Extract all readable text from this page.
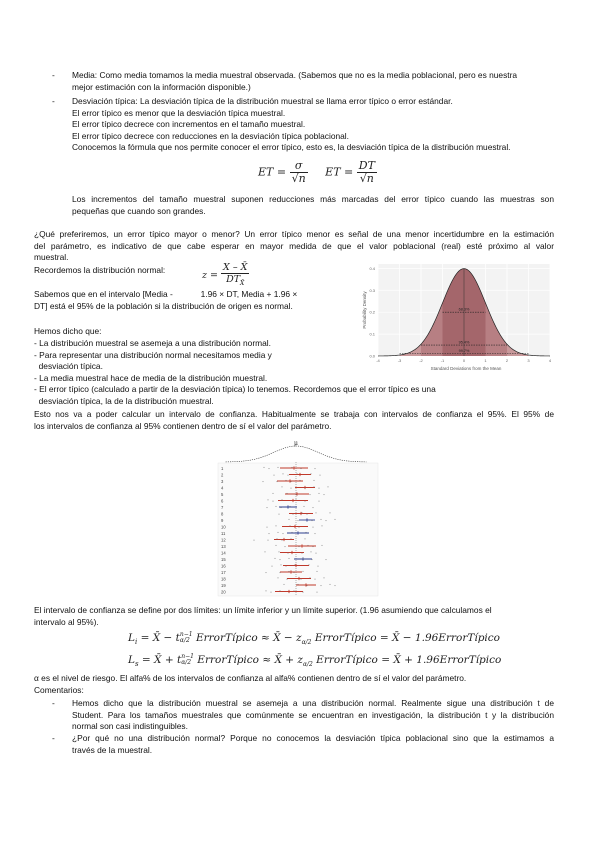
- Media: Como media tomamos la media muestral observada. (Sabemos que no es la media poblacional, pero es nuestra
mejor estimación con la información disponible.)
- Desviación típica: La desviación típica de la distribución muestral se llama error típico o error estándar.
El error típico es menor que la desviación típica muestral.
El error típico decrece con incrementos en el tamaño muestral.
El error típico decrece con reducciones en la desviación típica poblacional.
Conocemos la fórmula que nos permite conocer el error típico, esto es, la desviación típica de la distribución muestral.
ET = $\frac{\sigma}{√n}$ ET = $\frac{DT}{√n}$
Los incrementos del tamaño muestral suponen reducciones más marcadas del error típico cuando las muestras son
pequeñas que cuando son grandes.
¿Qué preferiremos, un error típico mayor o menor? Un error típico menor es señal de una menor incertidumbre en la estimación
del parámetro, es indicativo de que cabe esperar en mayor medida de que el valor poblacional (real) esté próximo al valor
muestral.
Recordemos la distribución normal:	$z = \frac{X - X̄}{DT_{X̄}}$
Sabemos que en el intervalo [Media -            1.96 × DT, Media + 1.96 ×
DT] está el 95% de la población si la distribución de origen es normal.
0.4
0.3
0.2
0.1
0.0
-4	-3	-2	-1	0	1	2	3	4
68.3%
95.4%
99.7%
Probability Density
Standard Deviations from the Mean
Hemos dicho que:
- La distribución muestral se asemeja a una distribución normal.
- Para representar una distribución normal necesitamos media y
desviación típica.
- La media muestral hace de media de la distribución muestral.
- El error típico (calculado a partir de la desviación típica) lo tenemos. Recordemos que el error típico es una
desviación típica, la de la distribución muestral.
Esto nos va a poder calcular un intervalo de confianza. Habitualmente se trabaja con intervalos de confianza el 95%. El 95% de
los intervalos de confianza al 95% contienen dentro de sí el valor del parámetro.
μ
1
2
3
4
5
6
7
8
9
10
11
12
13
14
15
16
17
18
19
20
El intervalo de confianza se define por dos límites: un límite inferior y un límite superior. (1.96 asumiendo que calculamos el
intervalo al 95%).
$L_i$ = X̄ − t n−1
α/2 ErrorTípico ≈ X̄ − $z_{\alpha/2}$ ErrorTípico = X̄ − 1.96ErrorTípico
$L_s$ = X̄ + t n−1
α/2 ErrorTípico ≈ X̄ + $z_{\alpha/2}$ ErrorTípico = X̄ + 1.96ErrorTípico
α es el nivel de riesgo. El alfa% de los intervalos de confianza al alfa% contienen dentro de sí el valor del parámetro.
Comentarios:
- Hemos dicho que la distribución muestral se asemeja a una distribución normal. Realmente sigue una distribución t de
Student. Para los tamaños muestrales que comúnmente se encuentran en investigación, la distribución t y la distribución
normal son casi indistinguibles.
- ¿Por qué no una distribución normal? Porque no conocemos la desviación típica poblacional sino que la estimamos a
través de la muestral.
